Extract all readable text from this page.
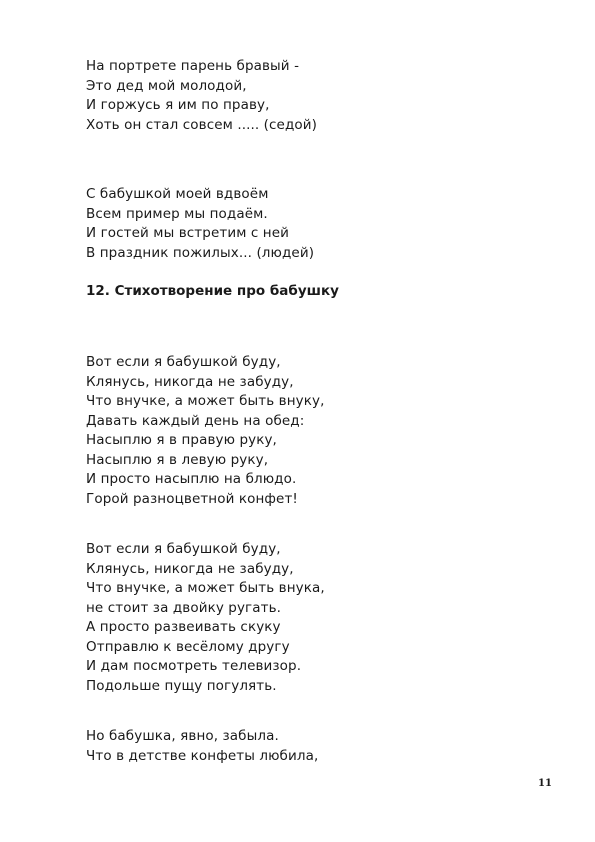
На портрете парень бравый -
Это дед мой молодой,
И горжусь я им по праву,
Хоть он стал совсем ..... (седой)
С бабушкой моей вдвоём
Всем пример мы подаём.
И гостей мы встретим с ней
В праздник пожилых... (людей)
12. Стихотворение про бабушку
Вот если я бабушкой буду,
Клянусь, никогда не забуду,
Что внучке, а может быть внуку,
Давать каждый день на обед:
Насыплю я в правую руку,
Насыплю я в левую руку,
И просто насыплю на блюдо.
Горой разноцветной конфет!
Вот если я бабушкой буду,
Клянусь, никогда не забуду,
Что внучке, а может быть внука,
не стоит за двойку ругать.
А просто развеивать скуку
Отправлю к весёлому другу
И дам посмотреть телевизор.
Подольше пущу погулять.
Но бабушка, явно, забыла.
Что в детстве конфеты любила,
11
